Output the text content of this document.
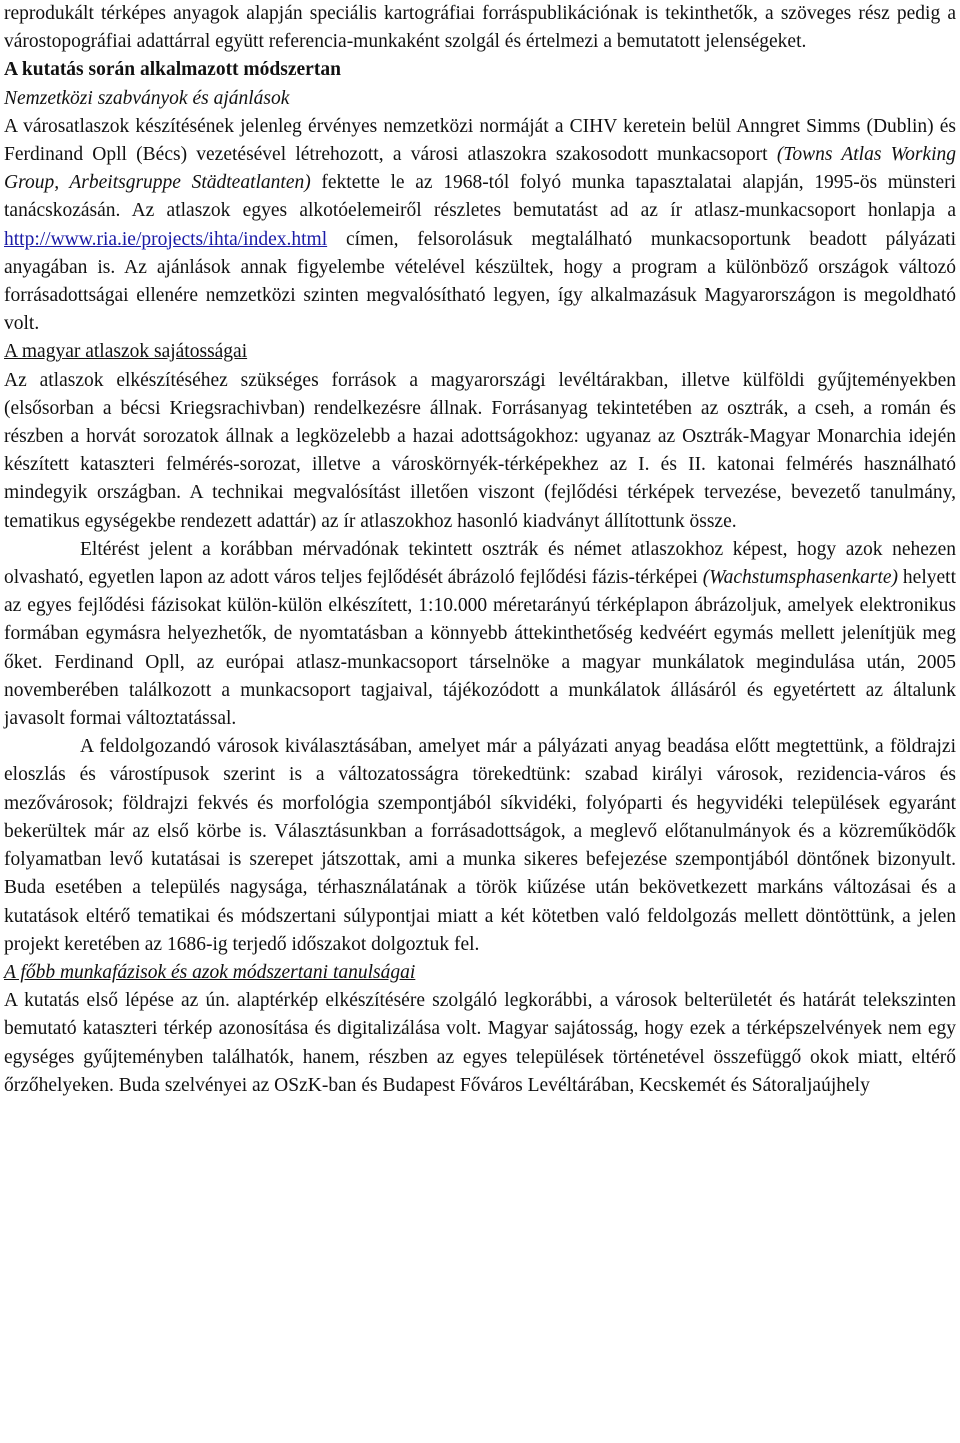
reprodukált térképes anyagok alapján speciális kartográfiai forráspublikációnak is tekinthetők, a szöveges rész pedig a várostopográfiai adattárral együtt referencia-munkaként szolgál és értelmezi a bemutatott jelenségeket.

A kutatás során alkalmazott módszertan

Nemzetközi szabványok és ajánlások

A városatlaszok készítésének jelenleg érvényes nemzetközi normáját a CIHV keretein belül Anngret Simms (Dublin) és Ferdinand Opll (Bécs) vezetésével létrehozott, a városi atlaszokra szakosodott munkacsoport (Towns Atlas Working Group, Arbeitsgruppe Städteatlanten) fektette le az 1968-tól folyó munka tapasztalatai alapján, 1995-ös münsteri tanácskozásán. Az atlaszok egyes alkotóelemeiről részletes bemutatást ad az ír atlasz-munkacsoport honlapja a http://www.ria.ie/projects/ihta/index.html címen, felsorolásuk megtalálható munkacsoportunk beadott pályázati anyagában is. Az ajánlások annak figyelembe vételével készültek, hogy a program a különböző országok változó forrásadottságai ellenére nemzetközi szinten megvalósítható legyen, így alkalmazásuk Magyarországon is megoldható volt.

A magyar atlaszok sajátosságai

Az atlaszok elkészítéséhez szükséges források a magyarországi levéltárakban, illetve külföldi gyűjteményekben (elsősorban a bécsi Kriegsrachivban) rendelkezésre állnak. Forrásanyag tekintetében az osztrák, a cseh, a román és részben a horvát sorozatok állnak a legközelebb a hazai adottságokhoz: ugyanaz az Osztrák-Magyar Monarchia idején készített kataszteri felmérés-sorozat, illetve a városkörnyék-térképekhez az I. és II. katonai felmérés használható mindegyik országban. A technikai megvalósítást illetően viszont (fejlődési térképek tervezése, bevezető tanulmány, tematikus egységekbe rendezett adattár) az ír atlaszokhoz hasonló kiadványt állítottunk össze.

Eltérést jelent a korábban mérvadónak tekintett osztrák és német atlaszokhoz képest, hogy azok nehezen olvasható, egyetlen lapon az adott város teljes fejlődését ábrázoló fejlődési fázis-térképei (Wachstumsphasenkarte) helyett az egyes fejlődési fázisokat külön-külön elkészített, 1:10.000 méretarányú térképlapon ábrázoljuk, amelyek elektronikus formában egymásra helyezhetők, de nyomtatásban a könnyebb áttekinthetőség kedvéért egymás mellett jelenítjük meg őket. Ferdinand Opll, az európai atlasz-munkacsoport társelnöke a magyar munkálatok megindulása után, 2005 novemberében találkozott a munkacsoport tagjaival, tájékozódott a munkálatok állásáról és egyetértett az általunk javasolt formai változtatással.

A feldolgozandó városok kiválasztásában, amelyet már a pályázati anyag beadása előtt megtettünk, a földrajzi eloszlás és várostípusok szerint is a változatosságra törekedtünk: szabad királyi városok, rezidencia-város és mezővárosok; földrajzi fekvés és morfológia szempontjából síkvidéki, folyóparti és hegyvidéki települések egyaránt bekerültek már az első körbe is. Választásunkban a forrásadottságok, a meglevő előtanulmányok és a közreműködők folyamatban levő kutatásai is szerepet játszottak, ami a munka sikeres befejezése szempontjából döntőnek bizonyult. Buda esetében a település nagysága, térhasználatának a török kiűzése után bekövetkezett markáns változásai és a kutatások eltérő tematikai és módszertani súlypontjai miatt a két kötetben való feldolgozás mellett döntöttünk, a jelen projekt keretében az 1686-ig terjedő időszakot dolgoztuk fel.

A főbb munkafázisok és azok módszertani tanulságai

A kutatás első lépése az ún. alaptérkép elkészítésére szolgáló legkorábbi, a városok belterületét és határát telekszinten bemutató kataszteri térkép azonosítása és digitalizálása volt. Magyar sajátosság, hogy ezek a térképszelvények nem egy egységes gyűjteményben találhatók, hanem, részben az egyes települések történetével összefüggő okok miatt, eltérő őrzőhelyeken. Buda szelvényei az OSzK-ban és Budapest Főváros Levéltárában, Kecskemét és Sátoraljaújhely
